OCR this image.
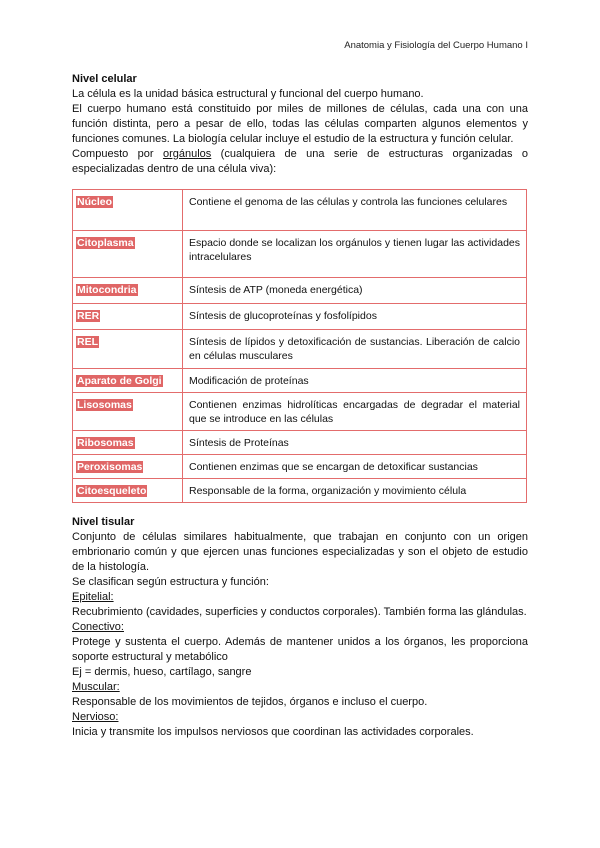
Anatomia y Fisiología del Cuerpo Humano I
Nivel celular

La célula es la unidad básica estructural y funcional del cuerpo humano.

El cuerpo humano está constituido por miles de millones de células, cada una con una función distinta, pero a pesar de ello, todas las células comparten algunos elementos y funciones comunes. La biología celular incluye el estudio de la estructura y función celular.

Compuesto por orgánulos (cualquiera de una serie de estructuras organizadas o especializadas dentro de una célula viva):

Núcleo	Contiene el genoma de las células y controla las funciones celulares
Citoplasma	Espacio donde se localizan los orgánulos y tienen lugar las actividades intracelulares
Mitocondria	Síntesis de ATP (moneda energética)
RER	Síntesis de glucoproteínas y fosfolípidos
REL	Síntesis de lípidos y detoxificación de sustancias. Liberación de calcio en células musculares
Aparato de Golgi	Modificación de proteínas
Lisosomas	Contienen enzimas hidrolíticas encargadas de degradar el material que se introduce en las células
Ribosomas	Síntesis de Proteínas
Peroxisomas	Contienen enzimas que se encargan de detoxificar sustancias
Citoesqueleto	Responsable de la forma, organización y movimiento célula
Nivel tisular

Conjunto de células similares habitualmente, que trabajan en conjunto con un origen embrionario común y que ejercen unas funciones especializadas y son el objeto de estudio de la histología.

Se clasifican según estructura y función:

Epitelial:

Recubrimiento (cavidades, superficies y conductos corporales). También forma las glándulas.

Conectivo:

Protege y sustenta el cuerpo. Además de mantener unidos a los órganos, les proporciona soporte estructural y metabólico

Ej = dermis, hueso, cartílago, sangre

Muscular:

Responsable de los movimientos de tejidos, órganos e incluso el cuerpo.

Nervioso:

Inicia y transmite los impulsos nerviosos que coordinan las actividades corporales.
